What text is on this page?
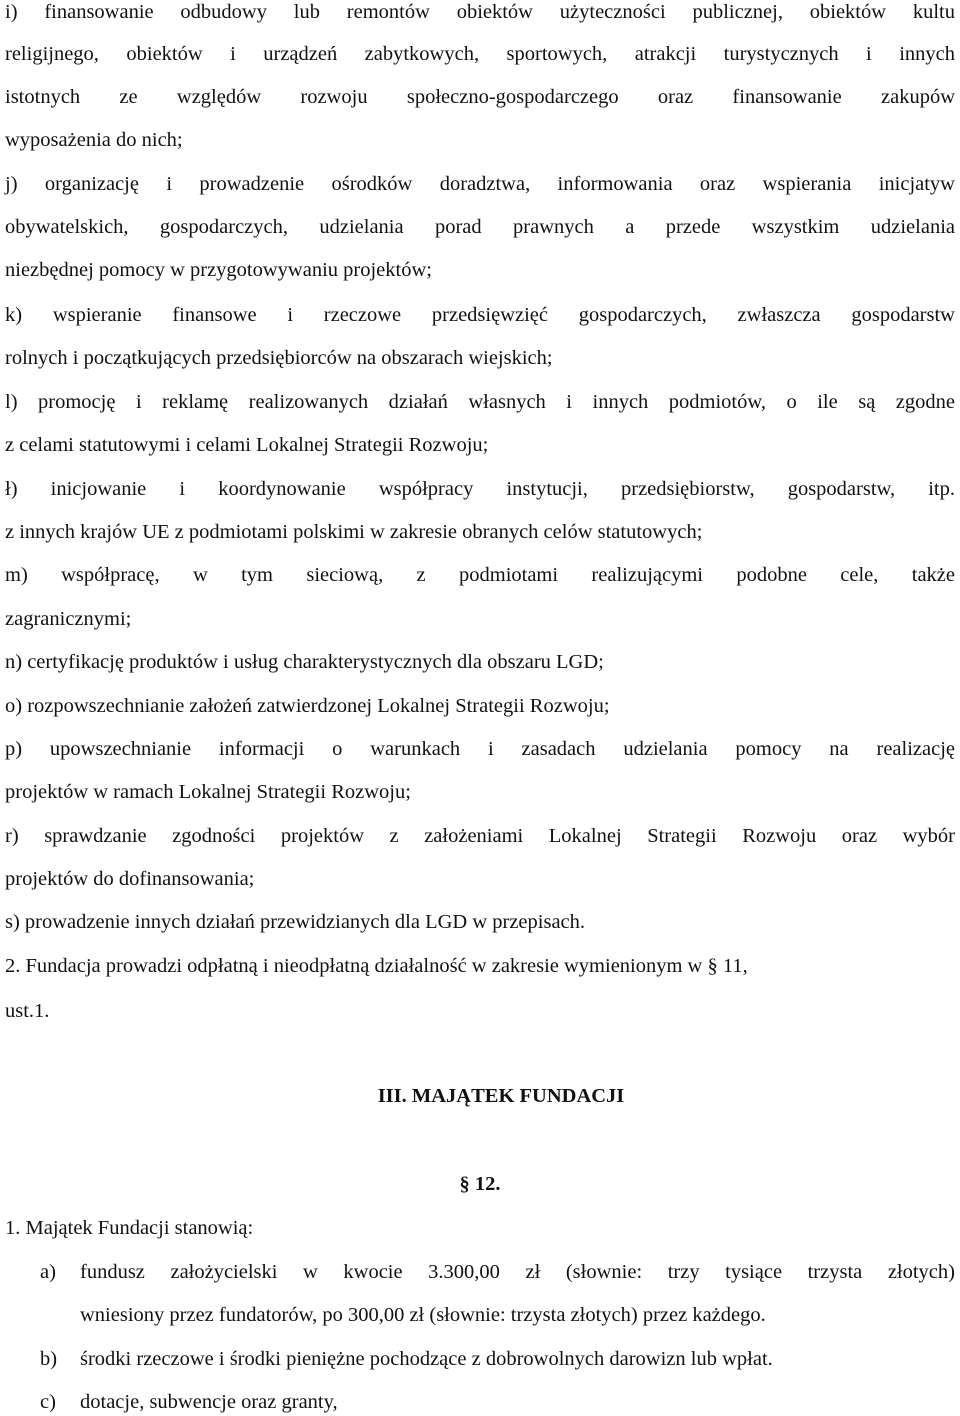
i) finansowanie odbudowy lub remontów obiektów użyteczności publicznej, obiektów kultu
religijnego, obiektów i urządzeń zabytkowych, sportowych, atrakcji turystycznych i innych
istotnych ze względów rozwoju społeczno-gospodarczego oraz finansowanie zakupów
wyposażenia do nich;
j) organizację i prowadzenie ośrodków doradztwa, informowania oraz wspierania inicjatyw
obywatelskich, gospodarczych, udzielania porad prawnych a przede wszystkim udzielania
niezbędnej pomocy w przygotowywaniu projektów;
k) wspieranie finansowe i rzeczowe przedsięwzięć gospodarczych, zwłaszcza gospodarstw
rolnych i początkujących przedsiębiorców na obszarach wiejskich;
l) promocję i reklamę realizowanych działań własnych i innych podmiotów, o ile są zgodne
z celami statutowymi i celami Lokalnej Strategii Rozwoju;
ł) inicjowanie i koordynowanie współpracy instytucji, przedsiębiorstw, gospodarstw, itp.
z innych krajów UE z podmiotami polskimi w zakresie obranych celów statutowych;
m) współpracę, w tym sieciową, z podmiotami realizującymi podobne cele, także
zagranicznymi;
n) certyfikację produktów i usług charakterystycznych dla obszaru LGD;
o) rozpowszechnianie założeń zatwierdzonej Lokalnej Strategii Rozwoju;
p) upowszechnianie informacji o warunkach i zasadach udzielania pomocy na realizację
projektów w ramach Lokalnej Strategii Rozwoju;
r) sprawdzanie zgodności projektów z założeniami Lokalnej Strategii Rozwoju oraz wybór
projektów do dofinansowania;
s) prowadzenie innych działań przewidzianych dla LGD w przepisach.
2. Fundacja prowadzi odpłatną i nieodpłatną działalność w zakresie wymienionym w § 11,
ust.1.
III. MAJĄTEK FUNDACJI
§ 12.
1. Majątek Fundacji stanowią:
a) fundusz założycielski w kwocie 3.300,00 zł (słownie: trzy tysiące trzysta złotych)
wniesiony przez fundatorów, po 300,00 zł (słownie: trzysta złotych) przez każdego.
b) środki rzeczowe i środki pieniężne pochodzące z dobrowolnych darowizn lub wpłat.
c) dotacje, subwencje oraz granty,
